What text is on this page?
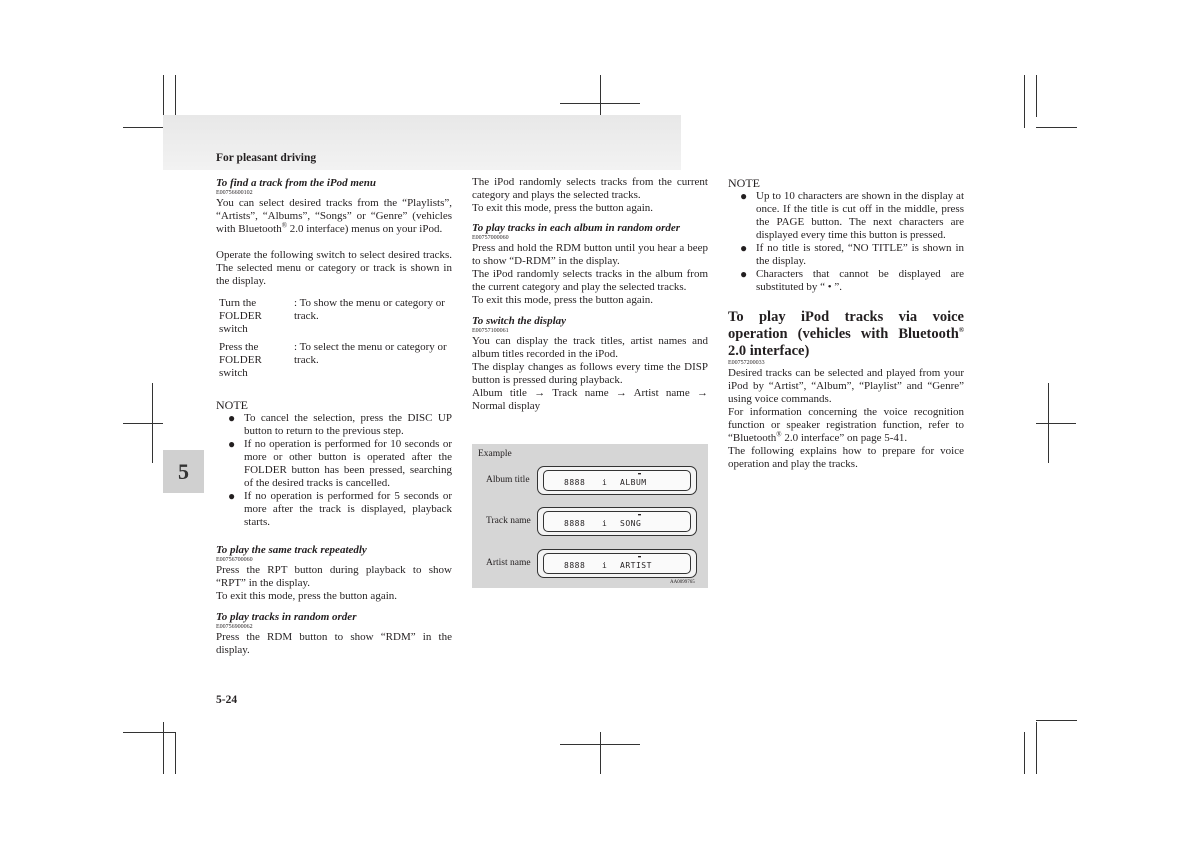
For pleasant driving
5
5-24

To find a track from the iPod menu

E00756600102

You can select desired tracks from the “Playlists”, “Artists”, “Albums”, “Songs” or “Genre” (vehicles with Bluetooth® 2.0 interface) menus on your iPod.

Operate the following switch to select desired tracks. The selected menu or category or track is shown in the display.

Turn the FOLDER switch
: To show the menu or category or track.
Press the FOLDER switch
: To select the menu or category or track.

NOTE

● To cancel the selection, press the DISC UP button to return to the previous step.
● If no operation is performed for 10 seconds or more or other button is operated after the FOLDER button has been pressed, searching of the desired tracks is cancelled.
● If no operation is performed for 5 seconds or more after the track is displayed, playback starts.

To play the same track repeatedly

E00756700060

Press the RPT button during playback to show “RPT” in the display.

To exit this mode, press the button again.

To play tracks in random order

E00756900062

Press the RDM button to show “RDM” in the display.

The iPod randomly selects tracks from the current category and plays the selected tracks.

To exit this mode, press the button again.

To play tracks in each album in random order

E00757000060

Press and hold the RDM button until you hear a beep to show “D-RDM” in the display.

The iPod randomly selects tracks in the album from the current category and play the selected tracks.

To exit this mode, press the button again.

To switch the display

E00757100061

You can display the track titles, artist names and album titles recorded in the iPod.

The display changes as follows every time the DISP button is pressed during playback.

Album title → Track name → Artist name → Normal display

Example
AA0099765
Album title
▬
8888 i ALBUM
Track name
▬
8888 i SONG
Artist name
▬
8888 i ARTIST

NOTE

● Up to 10 characters are shown in the display at once. If the title is cut off in the middle, press the PAGE button. The next characters are displayed every time this button is pressed.
● If no title is stored, “NO TITLE” is shown in the display.
● Characters that cannot be displayed are substituted by “ • ”.

To play iPod tracks via voice operation (vehicles with Bluetooth® 2.0 interface)

E00757200033

Desired tracks can be selected and played from your iPod by “Artist”, “Album”, “Playlist” and “Genre” using voice commands.

For information concerning the voice recognition function or speaker registration function, refer to “Bluetooth® 2.0 interface” on page 5-41.

The following explains how to prepare for voice operation and play the tracks.
